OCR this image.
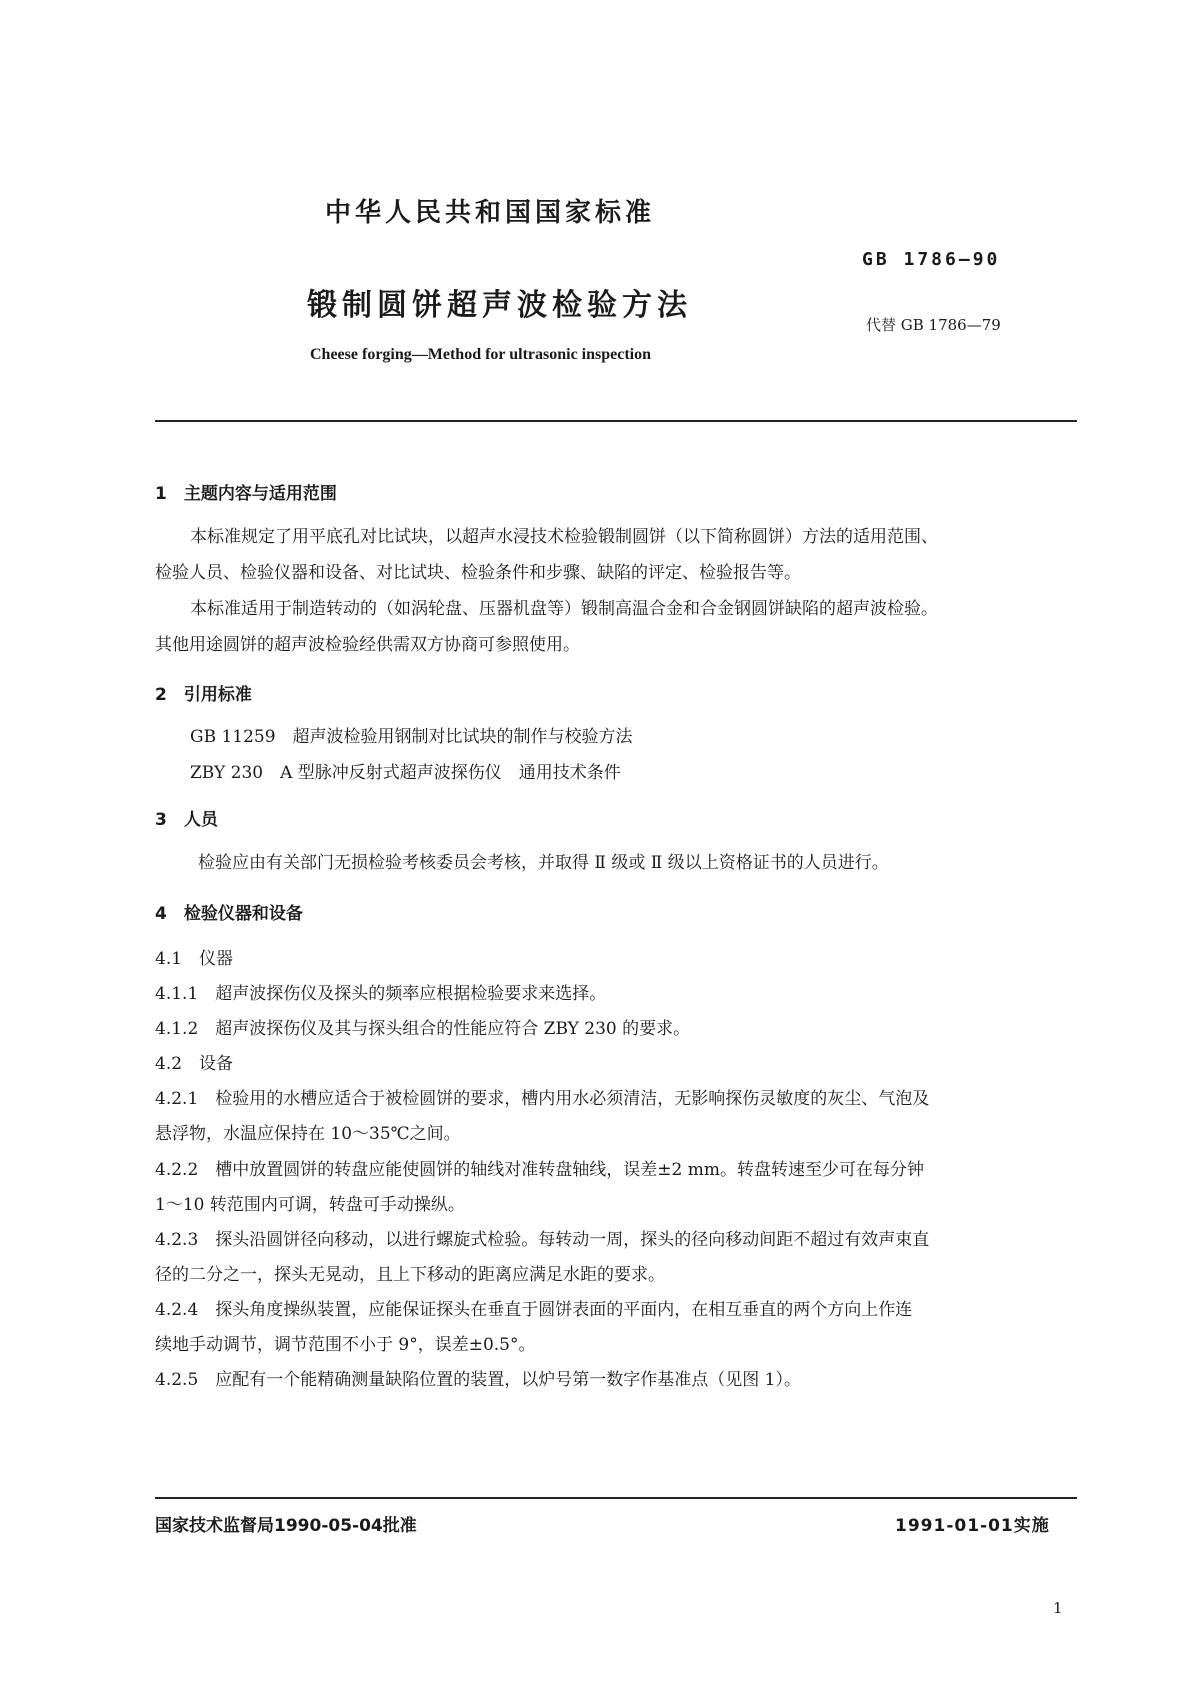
中华人民共和国国家标准
GB 1786—90
锻制圆饼超声波检验方法
代替 GB 1786—79
Cheese forging—Method for ultrasonic inspection
1　主题内容与适用范围
本标准规定了用平底孔对比试块，以超声水浸技术检验锻制圆饼（以下简称圆饼）方法的适用范围、
检验人员、检验仪器和设备、对比试块、检验条件和步骤、缺陷的评定、检验报告等。
本标准适用于制造转动的（如涡轮盘、压器机盘等）锻制高温合金和合金钢圆饼缺陷的超声波检验。
其他用途圆饼的超声波检验经供需双方协商可参照使用。
2　引用标准
GB 11259　超声波检验用钢制对比试块的制作与校验方法
ZBY 230　A 型脉冲反射式超声波探伤仪　通用技术条件
3　人员
检验应由有关部门无损检验考核委员会考核，并取得 Ⅱ 级或 Ⅱ 级以上资格证书的人员进行。
4　检验仪器和设备
4.1　仪器
4.1.1　超声波探伤仪及探头的频率应根据检验要求来选择。
4.1.2　超声波探伤仪及其与探头组合的性能应符合 ZBY 230 的要求。
4.2　设备
4.2.1　检验用的水槽应适合于被检圆饼的要求，槽内用水必须清洁，无影响探伤灵敏度的灰尘、气泡及
悬浮物，水温应保持在 10～35℃之间。
4.2.2　槽中放置圆饼的转盘应能使圆饼的轴线对准转盘轴线，误差±2 mm。转盘转速至少可在每分钟
1～10 转范围内可调，转盘可手动操纵。
4.2.3　探头沿圆饼径向移动，以进行螺旋式检验。每转动一周，探头的径向移动间距不超过有效声束直
径的二分之一，探头无晃动，且上下移动的距离应满足水距的要求。
4.2.4　探头角度操纵装置，应能保证探头在垂直于圆饼表面的平面内，在相互垂直的两个方向上作连
续地手动调节，调节范围不小于 9°，误差±0.5°。
4.2.5　应配有一个能精确测量缺陷位置的装置，以炉号第一数字作基准点（见图 1）。
国家技术监督局1990-05-04批准	1991-01-01实施
1
